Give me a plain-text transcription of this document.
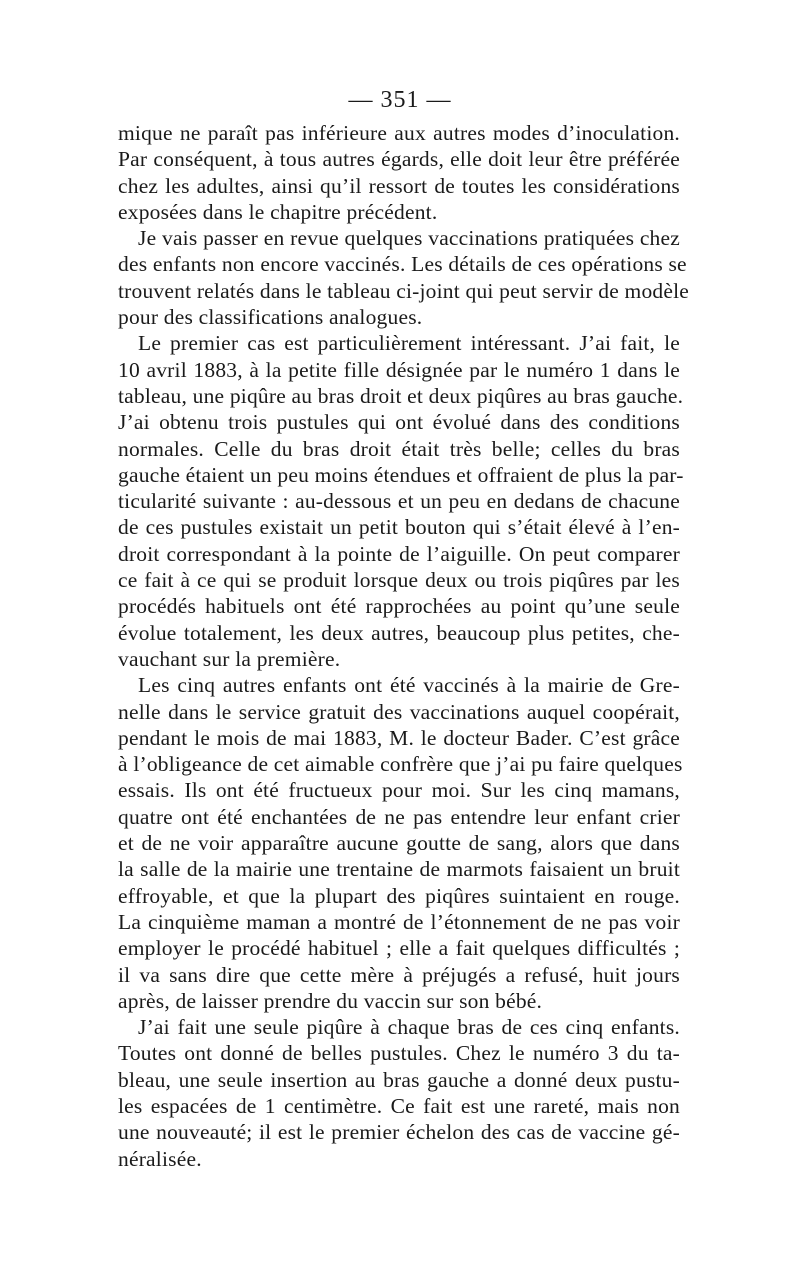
— 351 —
mique ne paraît pas inférieure aux autres modes d’inoculation.
Par conséquent, à tous autres égards, elle doit leur être préférée
chez les adultes, ainsi qu’il ressort de toutes les considérations
exposées dans le chapitre précédent.
Je vais passer en revue quelques vaccinations pratiquées chez
des enfants non encore vaccinés. Les détails de ces opérations se
trouvent relatés dans le tableau ci-joint qui peut servir de modèle
pour des classifications analogues.
Le premier cas est particulièrement intéressant. J’ai fait, le
10 avril 1883, à la petite fille désignée par le numéro 1 dans le
tableau, une piqûre au bras droit et deux piqûres au bras gauche.
J’ai obtenu trois pustules qui ont évolué dans des conditions
normales. Celle du bras droit était très belle; celles du bras
gauche étaient un peu moins étendues et offraient de plus la par-
ticularité suivante : au-dessous et un peu en dedans de chacune
de ces pustules existait un petit bouton qui s’était élevé à l’en-
droit correspondant à la pointe de l’aiguille. On peut comparer
ce fait à ce qui se produit lorsque deux ou trois piqûres par les
procédés habituels ont été rapprochées au point qu’une seule
évolue totalement, les deux autres, beaucoup plus petites, che-
vauchant sur la première.
Les cinq autres enfants ont été vaccinés à la mairie de Gre-
nelle dans le service gratuit des vaccinations auquel coopérait,
pendant le mois de mai 1883, M. le docteur Bader. C’est grâce
à l’obligeance de cet aimable confrère que j’ai pu faire quelques
essais. Ils ont été fructueux pour moi. Sur les cinq mamans,
quatre ont été enchantées de ne pas entendre leur enfant crier
et de ne voir apparaître aucune goutte de sang, alors que dans
la salle de la mairie une trentaine de marmots faisaient un bruit
effroyable, et que la plupart des piqûres suintaient en rouge.
La cinquième maman a montré de l’étonnement de ne pas voir
employer le procédé habituel ; elle a fait quelques difficultés ;
il va sans dire que cette mère à préjugés a refusé, huit jours
après, de laisser prendre du vaccin sur son bébé.
J’ai fait une seule piqûre à chaque bras de ces cinq enfants.
Toutes ont donné de belles pustules. Chez le numéro 3 du ta-
bleau, une seule insertion au bras gauche a donné deux pustu-
les espacées de 1 centimètre. Ce fait est une rareté, mais non
une nouveauté; il est le premier échelon des cas de vaccine gé-
néralisée.
